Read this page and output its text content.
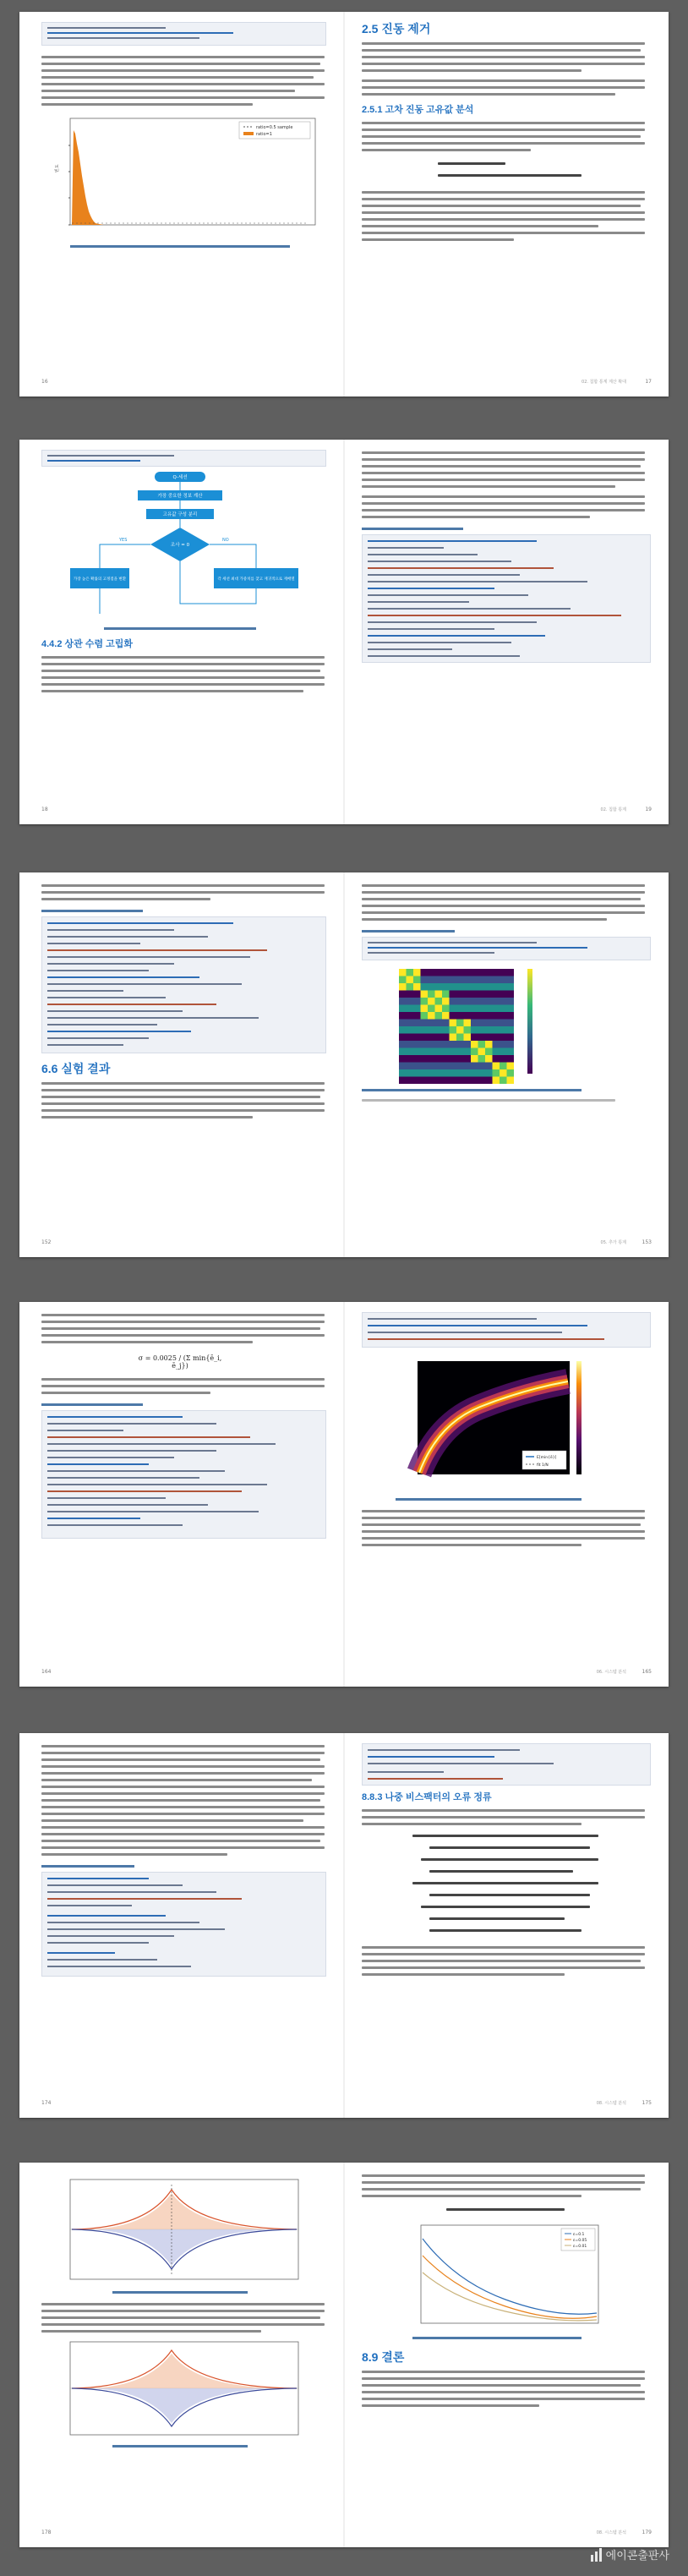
ratio=0.5 sample
ratio=1
빈도
16
2.5 진동 제거
2.5.1 고차 진동 고유값 분석
02. 칩합 통계 계산 확대	17
Q-세션
가장 중요한 정보 계산
고유값 구성 분리
조사 = 0
가장 높은 확률의 고정점을 변환	각 세션 최대 가중치를 찾고 재귀적으로 재배열
YES	NO
4.4.2 상관 수렴 고립화
18	02. 칩합 통계	19
6.6 실험 결과
152	05. 추가 통계	153
σ = 0.0025 / (Σ min{ē_i, ē_j})
164
E[min{ē}]
fit 1/N
06. 시스템 분석	165
174
8.8.3 나중 비스팩터의 오류 정류
08. 시스템 분석	175
178
ε=0.1
ε=0.05
ε=0.01
8.9 결론
08. 시스템 분석	179
에이콘출판사
